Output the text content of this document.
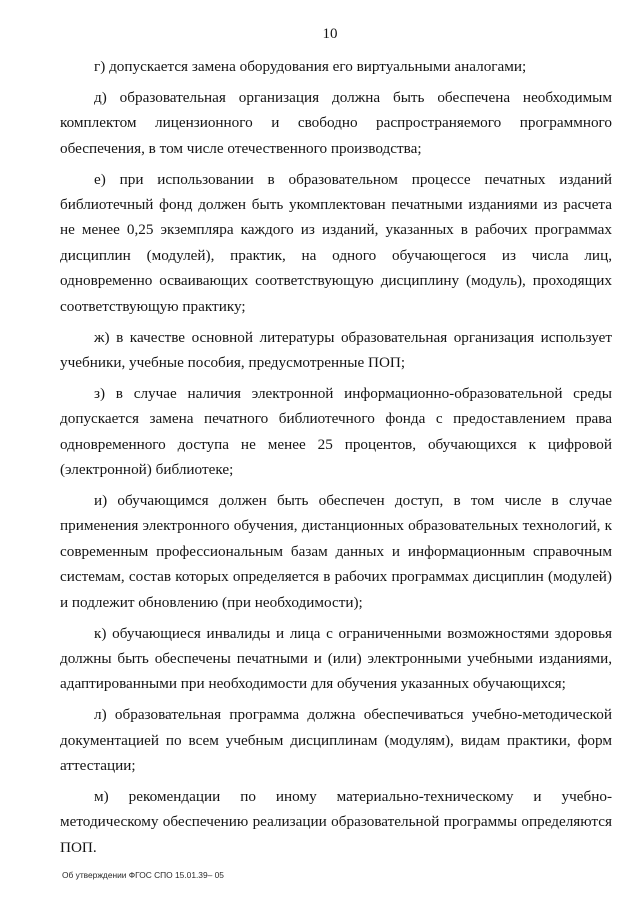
10

г) допускается замена оборудования его виртуальными аналогами;

д) образовательная организация должна быть обеспечена необходимым комплектом лицензионного и свободно распространяемого программного обеспечения, в том числе отечественного производства;

е) при использовании в образовательном процессе печатных изданий библиотечный фонд должен быть укомплектован печатными изданиями из расчета не менее 0,25 экземпляра каждого из изданий, указанных в рабочих программах дисциплин (модулей), практик, на одного обучающегося из числа лиц, одновременно осваивающих соответствующую дисциплину (модуль), проходящих соответствующую практику;

ж) в качестве основной литературы образовательная организация использует учебники, учебные пособия, предусмотренные ПОП;

з) в случае наличия электронной информационно-образовательной среды допускается замена печатного библиотечного фонда с предоставлением права одновременного доступа не менее 25 процентов, обучающихся к цифровой (электронной) библиотеке;

и) обучающимся должен быть обеспечен доступ, в том числе в случае применения электронного обучения, дистанционных образовательных технологий, к современным профессиональным базам данных и информационным справочным системам, состав которых определяется в рабочих программах дисциплин (модулей) и подлежит обновлению (при необходимости);

к) обучающиеся инвалиды и лица с ограниченными возможностями здоровья должны быть обеспечены печатными и (или) электронными учебными изданиями, адаптированными при необходимости для обучения указанных обучающихся;

л) образовательная программа должна обеспечиваться учебно-методической документацией по всем учебным дисциплинам (модулям), видам практики, форм аттестации;

м) рекомендации по иному материально-техническому и учебно-методическому обеспечению реализации образовательной программы определяются ПОП.

Об утверждении ФГОС СПО 15.01.39– 05
